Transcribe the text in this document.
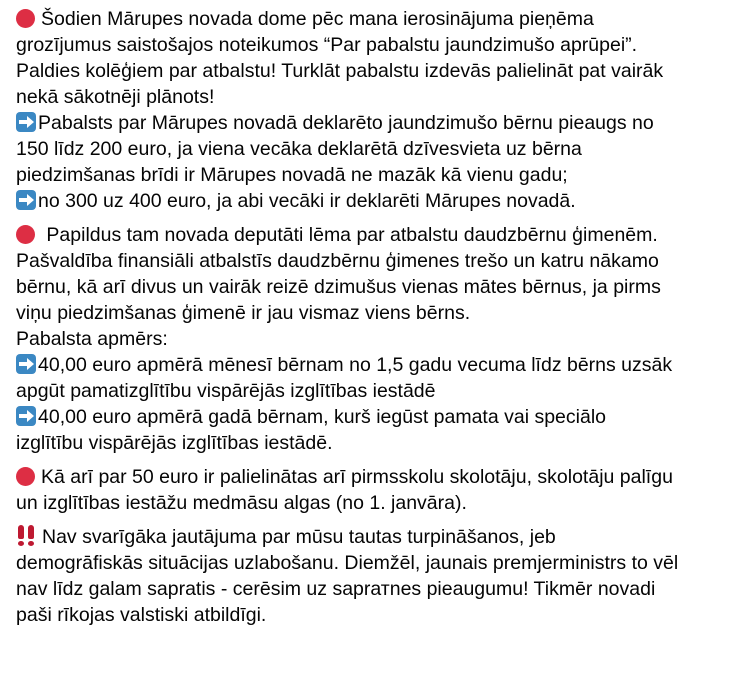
Šodien Mārupes novada dome pēc mana ierosinājuma pieņēma
grozījumus saistošajos noteikumos “Par pabalstu jaundzimušo aprūpei”.
Paldies kolēģiem par atbalstu! Turklāt pabalstu izdevās palielināt pat vairāk
nekā sākotnēji plānots!
Pabalsts par Mārupes novadā deklarēto jaundzimušo bērnu pieaugs no
150 līdz 200 euro, ja viena vecāka deklarētā dzīvesvieta uz bērna
piedzimšanas brīdi ir Mārupes novadā ne mazāk kā vienu gadu;
no 300 uz 400 euro, ja abi vecāki ir deklarēti Mārupes novadā.
Papildus tam novada deputāti lēma par atbalstu daudzbērnu ģimenēm.
Pašvaldība finansiāli atbalstīs daudzbērnu ģimenes trešo un katru nākamo
bērnu, kā arī divus un vairāk reizē dzimušus vienas mātes bērnus, ja pirms
viņu piedzimšanas ģimenē ir jau vismaz viens bērns.
Pabalsta apmērs:
40,00 euro apmērā mēnesī bērnam no 1,5 gadu vecuma līdz bērns uzsāk
apgūt pamatizglītību vispārējās izglītības iestādē
40,00 euro apmērā gadā bērnam, kurš iegūst pamata vai speciālo
izglītību vispārējās izglītības iestādē.
Kā arī par 50 euro ir palielinātas arī pirmsskolu skolotāju, skolotāju palīgu
un izglītības iestāžu medmāsu algas (no 1. janvāra).
Nav svarīgāka jautājuma par mūsu tautas turpināšanos, jeb
demogrāfiskās situācijas uzlabošanu. Diemžēl, jaunais premjerministrs to vēl
nav līdz galam sapratis - cerēsim uz saprатnes pieaugumu! Tikmēr novadi
paši rīkojas valstiski atbildīgi.
